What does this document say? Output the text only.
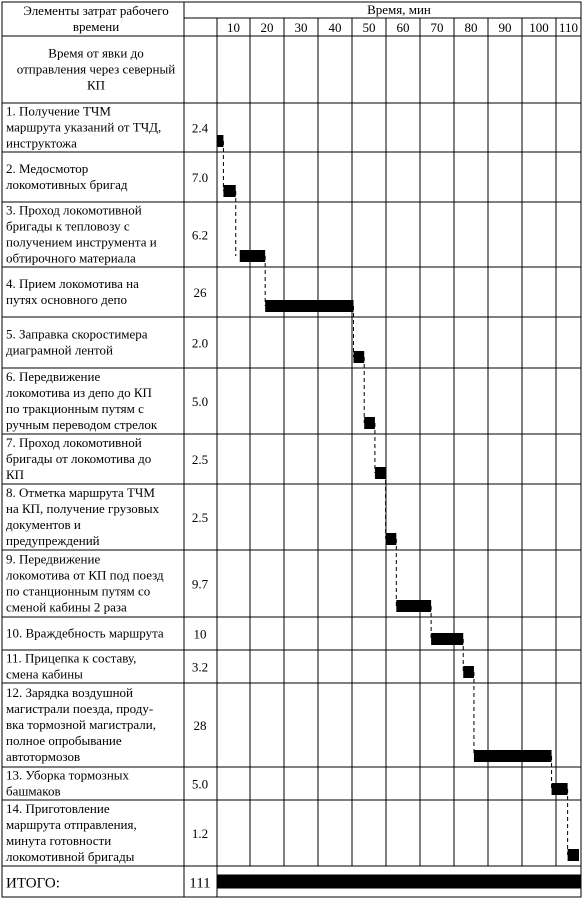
Элементы затрат рабочего
времени
Время, мин
10 20 30 40 50 60 70 80 90 100 110
Время от явки до
отправления через северный
КП
1. Получение ТЧМ
маршрута указаний от ТЧД,
инструктожа
2.4
2. Медосмотор
локомотивных бригад	7.0
3. Проход локомотивной
бригады к тепловозу с
получением инструмента и
обтирочного материала
6.2
4. Прием локомотива на
путях основного депо	26
5. Заправка скоростимера
диаграмной лентой	2.0
6. Передвижение
локомотива из депо до КП
по тракционным путям с
ручным переводом стрелок
5.0
7. Проход локомотивной
бригады от локомотива до
КП
2.5
8. Отметка маршрута ТЧМ
на КП, получение грузовых
документов и
предупреждений
2.5
9. Передвижение
локомотива от КП под поезд
по станционным путям со
сменой кабины 2 раза
9.7
10. Враждебность маршрута 10
11. Прицепка к составу,
смена кабины	3.2
12. Зарядка воздушной
магистрали поезда, проду-
вка тормозной магистрали,
полное опробывание
автотормозов
28
13. Уборка тормозных
башмаков	5.0
14. Приготовление
маршрута отправления,
минута готовности
локомотивной бригады
1.2
ИТОГО:	111
